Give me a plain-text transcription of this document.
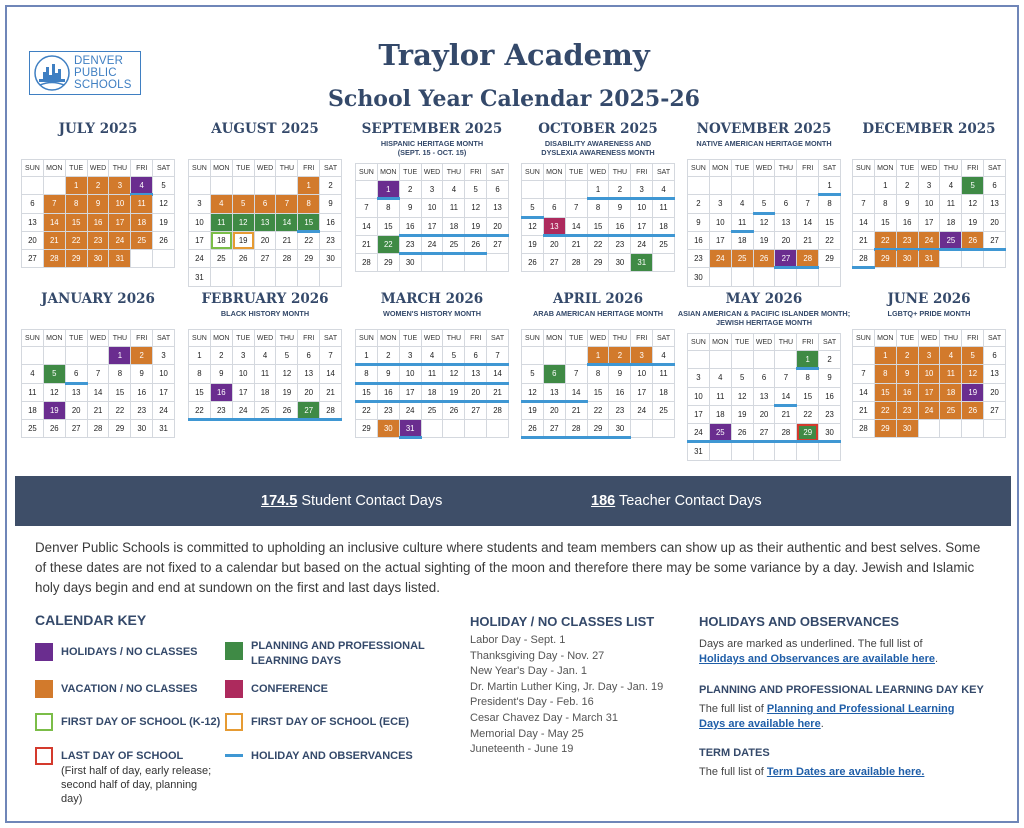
DENVER
PUBLIC
SCHOOLS
Traylor Academy
School Year Calendar 2025-26
JULY 2025
SUN	MON	TUE	WED	THU	FRI	SAT
		1	2	3	4	5
6	7	8	9	10	11	12
13	14	15	16	17	18	19
20	21	22	23	24	25	26
27	28	29	30	31		
AUGUST 2025
SUN	MON	TUE	WED	THU	FRI	SAT
					1	2
3	4	5	6	7	8	9
10	11	12	13	14	15	16
17	18	19	20	21	22	23
24	25	26	27	28	29	30
31						
SEPTEMBER 2025
HISPANIC HERITAGE MONTH
(SEPT. 15 - OCT. 15)
SUN	MON	TUE	WED	THU	FRI	SAT
	1	2	3	4	5	6
7	8	9	10	11	12	13
14	15	16	17	18	19	20
21	22	23	24	25	26	27
28	29	30				
OCTOBER 2025
DISABILITY AWARENESS AND
DYSLEXIA AWARENESS MONTH
SUN	MON	TUE	WED	THU	FRI	SAT
			1	2	3	4
5	6	7	8	9	10	11
12	13	14	15	16	17	18
19	20	21	22	23	24	25
26	27	28	29	30	31	
NOVEMBER 2025
NATIVE AMERICAN HERITAGE MONTH
SUN	MON	TUE	WED	THU	FRI	SAT
						1
2	3	4	5	6	7	8
9	10	11	12	13	14	15
16	17	18	19	20	21	22
23	24	25	26	27	28	29
30						
DECEMBER 2025
SUN	MON	TUE	WED	THU	FRI	SAT
	1	2	3	4	5	6
7	8	9	10	11	12	13
14	15	16	17	18	19	20
21	22	23	24	25	26	27
28	29	30	31			
JANUARY 2026
SUN	MON	TUE	WED	THU	FRI	SAT
				1	2	3
4	5	6	7	8	9	10
11	12	13	14	15	16	17
18	19	20	21	22	23	24
25	26	27	28	29	30	31
FEBRUARY 2026
BLACK HISTORY MONTH
SUN	MON	TUE	WED	THU	FRI	SAT
1	2	3	4	5	6	7
8	9	10	11	12	13	14
15	16	17	18	19	20	21
22	23	24	25	26	27	28
MARCH 2026
WOMEN'S HISTORY MONTH
SUN	MON	TUE	WED	THU	FRI	SAT
1	2	3	4	5	6	7
8	9	10	11	12	13	14
15	16	17	18	19	20	21
22	23	24	25	26	27	28
29	30	31				
APRIL 2026
ARAB AMERICAN HERITAGE MONTH
SUN	MON	TUE	WED	THU	FRI	SAT
			1	2	3	4
5	6	7	8	9	10	11
12	13	14	15	16	17	18
19	20	21	22	23	24	25
26	27	28	29	30		
MAY 2026
ASIAN AMERICAN & PACIFIC ISLANDER MONTH;
JEWISH HERITAGE MONTH
SUN	MON	TUE	WED	THU	FRI	SAT
					1	2
3	4	5	6	7	8	9
10	11	12	13	14	15	16
17	18	19	20	21	22	23
24	25	26	27	28	29	30
31						
JUNE 2026
LGBTQ+ PRIDE MONTH
SUN	MON	TUE	WED	THU	FRI	SAT
	1	2	3	4	5	6
7	8	9	10	11	12	13
14	15	16	17	18	19	20
21	22	23	24	25	26	27
28	29	30				
174.5 Student Contact Days	186 Teacher Contact Days
Denver Public Schools is committed to upholding an inclusive culture where students and team members can show up as their authentic and best selves. Some of these dates are not fixed to a calendar but based on the actual sighting of the moon and therefore there may be some variance by a day. Jewish and Islamic holy days begin and end at sundown on the first and last days listed.
CALENDAR KEY
HOLIDAYS / NO CLASSES
VACATION / NO CLASSES
FIRST DAY OF SCHOOL (K-12)
LAST DAY OF SCHOOL
(First half of day, early release; second half of day, planning day)
PLANNING AND PROFESSIONAL LEARNING DAYS
CONFERENCE
FIRST DAY OF SCHOOL (ECE)
HOLIDAY AND OBSERVANCES
HOLIDAY / NO CLASSES LIST
Labor Day - Sept. 1
Thanksgiving Day - Nov. 27
New Year's Day - Jan. 1
Dr. Martin Luther King, Jr. Day - Jan. 19
President's Day - Feb. 16
Cesar Chavez Day - March 31
Memorial Day - May 25
Juneteenth - June 19
HOLIDAYS AND OBSERVANCES
Days are marked as underlined. The full list of
Holidays and Observances are available here.
PLANNING AND PROFESSIONAL LEARNING DAY KEY
The full list of Planning and Professional Learning Days are available here.
TERM DATES
The full list of Term Dates are available here.
